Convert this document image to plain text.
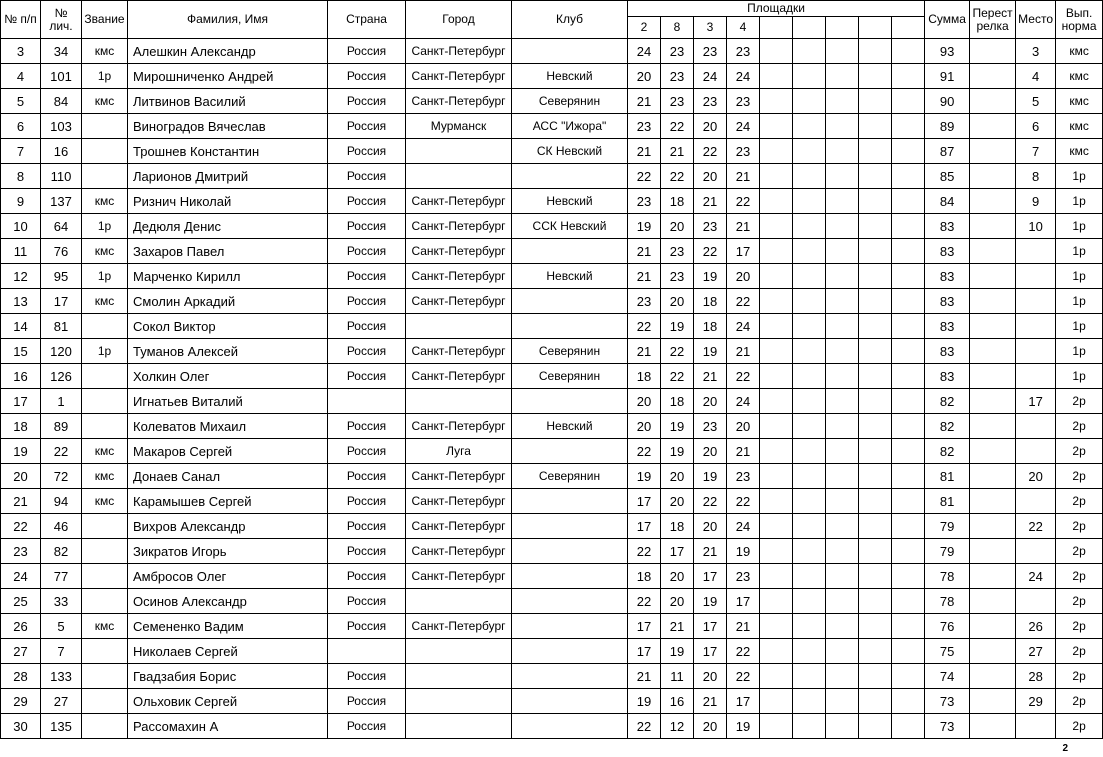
№ п/п	№ лич.	Звание	Фамилия, Имя	Страна	Город	Клуб	Площадки									Сумма	Перест релка	Место	Вып. норма
							2	8	3	4									
3	34	кмс	Алешкин Александр	Россия	Санкт-Петербург		24	23	23	23						93		3	кмс
4	101	1р	Мирошниченко Андрей	Россия	Санкт-Петербург	Невский	20	23	24	24						91		4	кмс
5	84	кмс	Литвинов Василий	Россия	Санкт-Петербург	Северянин	21	23	23	23						90		5	кмс
6	103		Виноградов Вячеслав	Россия	Мурманск	АСС "Ижора"	23	22	20	24						89		6	кмс
7	16		Трошнев Константин	Россия		СК Невский	21	21	22	23						87		7	кмс
8	110		Ларионов Дмитрий	Россия			22	22	20	21						85		8	1р
9	137	кмс	Ризнич Николай	Россия	Санкт-Петербург	Невский	23	18	21	22						84		9	1р
10	64	1р	Дедюля Денис	Россия	Санкт-Петербург	ССК Невский	19	20	23	21						83		10	1р
11	76	кмс	Захаров Павел	Россия	Санкт-Петербург		21	23	22	17						83			1р
12	95	1р	Марченко Кирилл	Россия	Санкт-Петербург	Невский	21	23	19	20						83			1р
13	17	кмс	Смолин Аркадий	Россия	Санкт-Петербург		23	20	18	22						83			1р
14	81		Сокол Виктор	Россия			22	19	18	24						83			1р
15	120	1р	Туманов Алексей	Россия	Санкт-Петербург	Северянин	21	22	19	21						83			1р
16	126		Холкин Олег	Россия	Санкт-Петербург	Северянин	18	22	21	22						83			1р
17	1		Игнатьев Виталий				20	18	20	24						82		17	2р
18	89		Колеватов Михаил	Россия	Санкт-Петербург	Невский	20	19	23	20						82			2р
19	22	кмс	Макаров Сергей	Россия	Луга		22	19	20	21						82			2р
20	72	кмс	Донаев Санал	Россия	Санкт-Петербург	Северянин	19	20	19	23						81		20	2р
21	94	кмс	Карамышев Сергей	Россия	Санкт-Петербург		17	20	22	22						81			2р
22	46		Вихров Александр	Россия	Санкт-Петербург		17	18	20	24						79		22	2р
23	82		Зикратов Игорь	Россия	Санкт-Петербург		22	17	21	19						79			2р
24	77		Амбросов Олег	Россия	Санкт-Петербург		18	20	17	23						78		24	2р
25	33		Осинов Александр	Россия			22	20	19	17						78			2р
26	5	кмс	Семененко Вадим	Россия	Санкт-Петербург		17	21	17	21						76		26	2р
27	7		Николаев Сергей				17	19	17	22						75		27	2р
28	133		Гвадзабия Борис	Россия			21	11	20	22						74		28	2р
29	27		Ольховик Сергей	Россия			19	16	21	17						73		29	2р
30	135		Рассомахин А	Россия			22	12	20	19						73			2р
2
